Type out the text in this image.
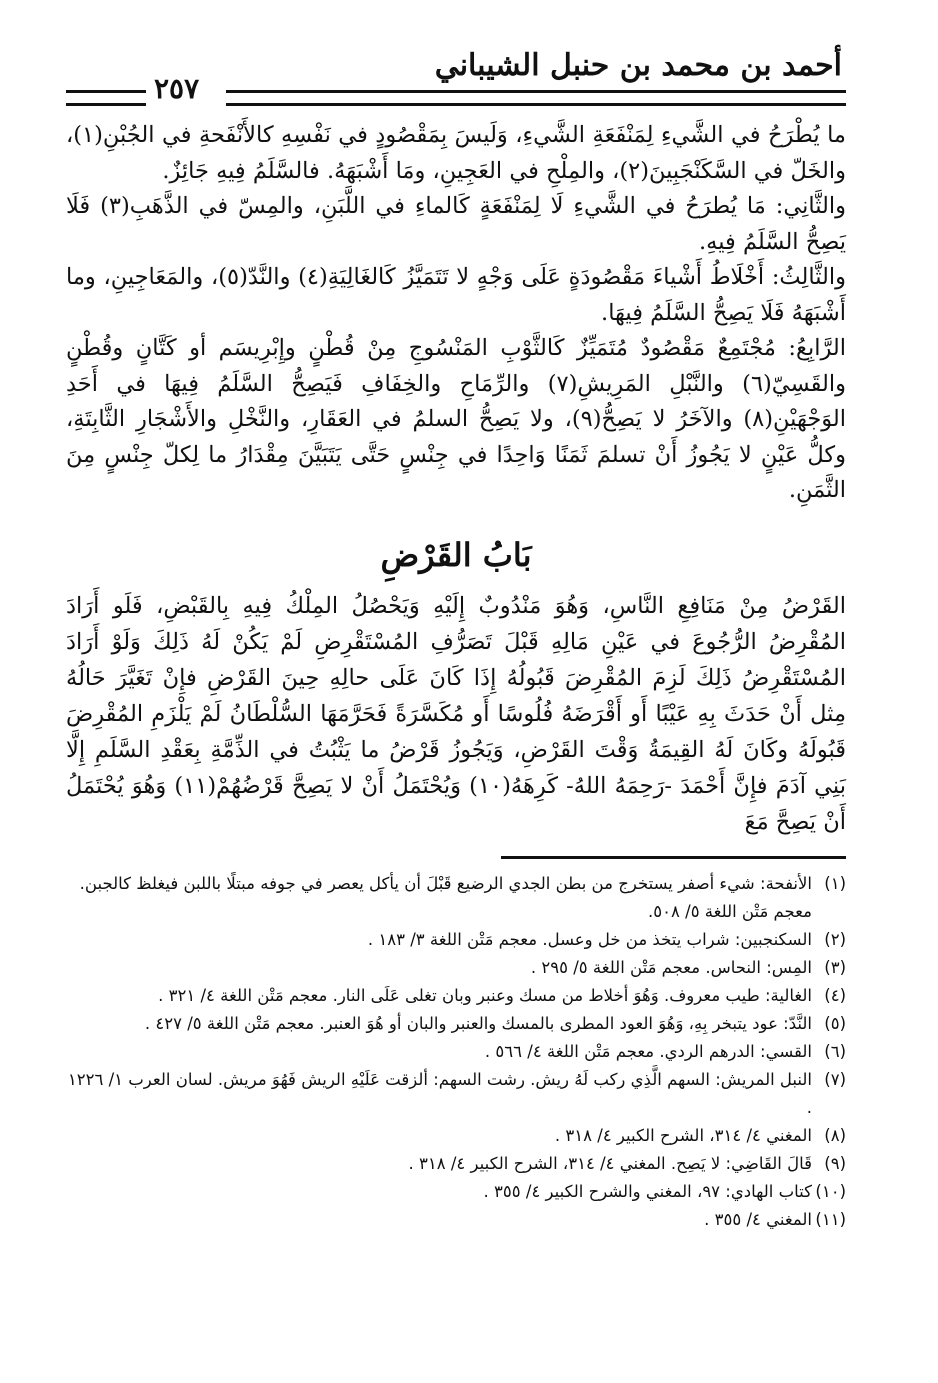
أحمد بن محمد بن حنبل الشيباني
٢٥٧

ما يُطْرَحُ في الشَّيءِ لِمَنْفَعَةِ الشَّيءِ، وَلَيسَ بِمَقْصُودٍ في نَفْسِهِ كالأَنْفَحةِ في الجُبْنِ(١)، والخَلّ في السَّكَنْجَبِينَ(٢)، والمِلْحِ في العَجِينِ، ومَا أَشْبَهَهُ. فالسَّلَمُ فِيهِ جَائِزٌ.

والثَّانِي: مَا يُطرَحُ في الشَّيءِ لَا لِمَنْفَعَةٍ كَالماءِ في اللَّبَنِ، والمِسّ في الذَّهَبِ(٣) فَلَا يَصِحُّ السَّلَمُ فِيهِ.

والثَّالِثُ: أَخْلَاطُ أَشْياءَ مَقْصُودَةٍ عَلَى وَجْهٍ لا تَتَمَيَّزُ كَالغَالِيَةِ(٤) والنَّدّ(٥)، والمَعَاجِينِ، وما أَشْبَهَهُ فَلَا يَصِحُّ السَّلَمُ فِيهَا.

الرَّابِعُ: مُجْتَمِعٌ مَقْصُودٌ مُتَمَيِّزٌ كَالثَّوْبِ المَنْسُوجِ مِنْ قُطْنٍ وإِبْرِيسَم أو كَتَّانٍ وقُطْنٍ والقَسِيّ(٦) والنَّبْلِ المَرِيشِ(٧) والرِّمَاحِ والخِفَافِ فَيَصِحُّ السَّلَمُ فِيهَا في أَحَدِ الوَجْهَيْنِ(٨) والآخَرُ لا يَصِحُّ(٩)، ولا يَصِحُّ السلمُ في العَقَارِ، والنَّخْلِ والأَشْجَارِ الثَّابِتَةِ، وكلُّ عَيْنٍ لا يَجُوزُ أَنْ تسلمَ ثَمَنًا وَاحِدًا في جِنْسٍ حَتَّى يَتَبَيَّنَ مِقْدَارُ ما لِكلّ جِنْسٍ مِنَ الثَّمَنِ.

بَابُ القَرْضِ

القَرْضُ مِنْ مَنَافِعِ النَّاسِ، وَهُوَ مَنْدُوبٌ إِلَيْهِ وَيَحْصُلُ المِلْكُ فِيهِ بِالقَبْضِ، فَلَو أَرَادَ المُقْرِضُ الرُّجُوعَ في عَيْنِ مَالِهِ قَبْلَ تَصَرُّفِ المُسْتَقْرِضِ لَمْ يَكُنْ لَهُ ذَلِكَ وَلَوْ أَرَادَ المُسْتَقْرِضُ ذَلِكَ لَزِمَ المُقْرِضَ قَبُولُهُ إِذَا كَانَ عَلَى حالِهِ حِينَ القَرْضِ فإِنْ تَغَيَّرَ حَالُهُ مِثل أَنْ حَدَثَ بِهِ عَيْبًا أَو أَقْرَضَهُ فُلُوسًا أَو مُكَسَّرَةً فَحَرَّمَهَا السُّلْطَانُ لَمْ يَلْزَمِ المُقْرِضَ قَبُولَهُ وكَانَ لَهُ القِيمَةُ وَقْتَ القَرْضِ، وَيَجُوزُ قَرْضُ ما يَثْبُتُ في الذِّمَّةِ بِعَقْدِ السَّلَمِ إِلَّا بَنِي آدَمَ فإِنَّ أَحْمَدَ -رَحِمَهُ اللهُ- كَرِهَهُ(١٠) وَيُحْتَمَلُ أَنْ لا يَصِحَّ قَرْضُهُمْ(١١) وَهُوَ يُحْتَمَلُ أَنْ يَصِحَّ مَعَ

(١)الأنفحة: شيء أصفر يستخرج من بطن الجدي الرضيع قَبْلَ أن يأكل يعصر في جوفه مبتلًا باللبن فيغلظ كالجبن. معجم مَتْن اللغة ٥/ ٥٠٨.

(٢)السكنجبين: شراب يتخذ من خل وعسل. معجم مَتْن اللغة ٣/ ١٨٣ .

(٣)المِس: النحاس. معجم مَتْن اللغة ٥/ ٢٩٥ .

(٤)الغالية: طيب معروف. وَهُوَ أخلاط من مسك وعنبر وبان تغلى عَلَى النار. معجم مَتْن اللغة ٤/ ٣٢١ .

(٥)النَّدّ: عود يتبخر بِهِ، وَهُوَ العود المطرى بالمسك والعنبر والبان أو هُوَ العنبر. معجم مَتْن اللغة ٥/ ٤٢٧ .

(٦)القسي: الدرهم الردي. معجم مَتْن اللغة ٤/ ٥٦٦ .

(٧)النبل المريش: السهم الَّذِي ركب لَهُ ريش. رشت السهم: ألزقت عَلَيْهِ الريش فَهُوَ مريش. لسان العرب ١/ ١٢٢٦ .

(٨)المغني ٤/ ٣١٤، الشرح الكبير ٤/ ٣١٨ .

(٩)قَالَ القَاضِي: لا يَصِح. المغني ٤/ ٣١٤، الشرح الكبير ٤/ ٣١٨ .

(١٠)كتاب الهادي: ٩٧، المغني والشرح الكبير ٤/ ٣٥٥ .

(١١)المغني ٤/ ٣٥٥ .
